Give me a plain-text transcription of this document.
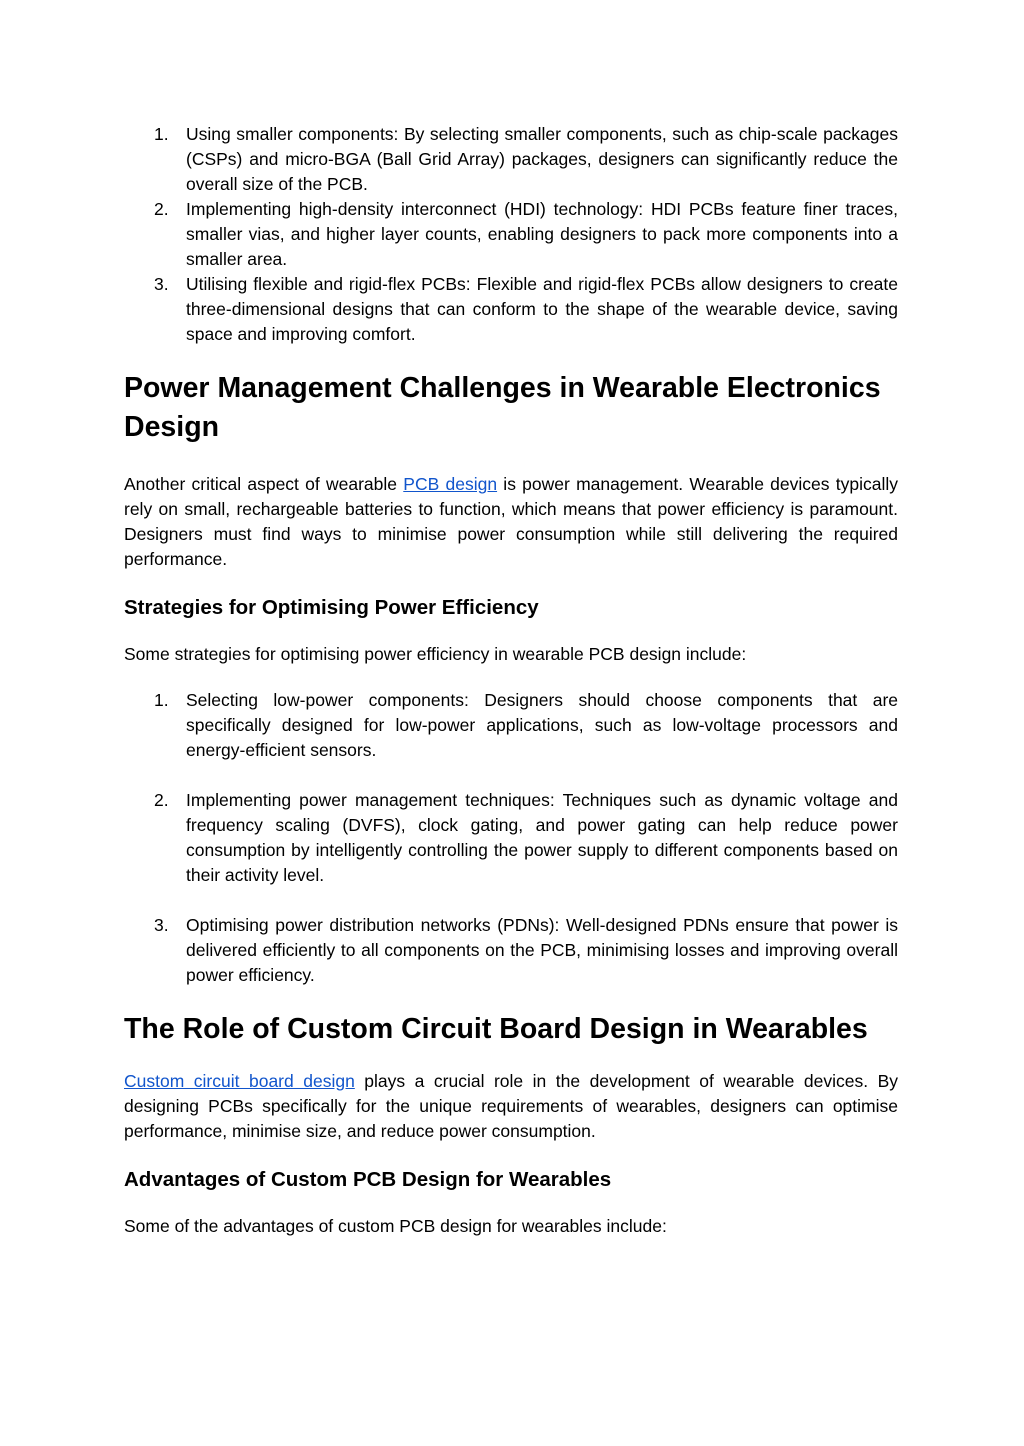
1. Using smaller components: By selecting smaller components, such as chip-scale packages (CSPs) and micro-BGA (Ball Grid Array) packages, designers can significantly reduce the overall size of the PCB.
2. Implementing high-density interconnect (HDI) technology: HDI PCBs feature finer traces, smaller vias, and higher layer counts, enabling designers to pack more components into a smaller area.
3. Utilising flexible and rigid-flex PCBs: Flexible and rigid-flex PCBs allow designers to create three-dimensional designs that can conform to the shape of the wearable device, saving space and improving comfort.
Power Management Challenges in Wearable Electronics Design

Another critical aspect of wearable PCB design is power management. Wearable devices typically rely on small, rechargeable batteries to function, which means that power efficiency is paramount. Designers must find ways to minimise power consumption while still delivering the required performance.

Strategies for Optimising Power Efficiency

Some strategies for optimising power efficiency in wearable PCB design include:

1. Selecting low-power components: Designers should choose components that are specifically designed for low-power applications, such as low-voltage processors and energy-efficient sensors.
2. Implementing power management techniques: Techniques such as dynamic voltage and frequency scaling (DVFS), clock gating, and power gating can help reduce power consumption by intelligently controlling the power supply to different components based on their activity level.
3. Optimising power distribution networks (PDNs): Well-designed PDNs ensure that power is delivered efficiently to all components on the PCB, minimising losses and improving overall power efficiency.
The Role of Custom Circuit Board Design in Wearables

Custom circuit board design plays a crucial role in the development of wearable devices. By designing PCBs specifically for the unique requirements of wearables, designers can optimise performance, minimise size, and reduce power consumption.

Advantages of Custom PCB Design for Wearables

Some of the advantages of custom PCB design for wearables include:
